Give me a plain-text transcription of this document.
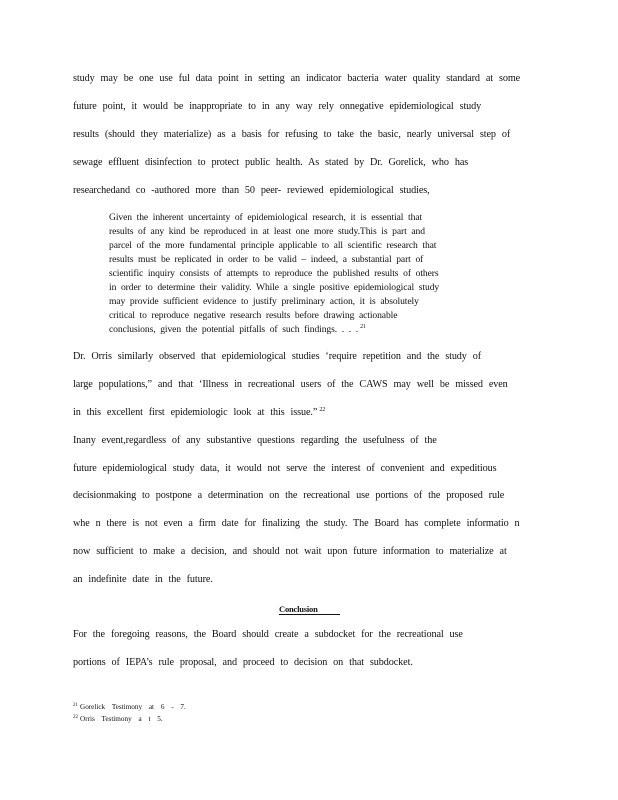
study may be one use ful data point in setting an indicator bacteria water quality standard at some
future point, it would be inappropriate to in any way rely onnegative epidemiological study
results (should they materialize) as a basis for refusing to take the basic, nearly universal step of
sewage effluent disinfection to protect public health. As stated by Dr. Gorelick, who has
researchedand co -authored more than 50 peer- reviewed epidemiological studies,
Given the inherent uncertainty of epidemiological research, it is essential that
results of any kind be reproduced in at least one more study.This is part and
parcel of the more fundamental principle applicable to all scientific research that
results must be replicated in order to be valid – indeed, a substantial part of
scientific inquiry consists of attempts to reproduce the published results of others
in order to determine their validity. While a single positive epidemiological study
may provide sufficient evidence to justify preliminary action, it is absolutely
critical to reproduce negative research results before drawing actionable
conclusions, given the potential pitfalls of such findings. . . . $^{21}$
Dr. Orris similarly observed that epidemiological studies ‘require repetition and the study of
large populations,” and that ‘Illness in recreational users of the CAWS may well be missed even
in this excellent first epidemiologic look at this issue.” $^{22}$
Inany event,regardless of any substantive questions regarding the usefulness of the
future epidemiological study data, it would not serve the interest of convenient and expeditious
decisionmaking to postpone a determination on the recreational use portions of the proposed rule
whe n there is not even a firm date for finalizing the study. The Board has complete informatio n
now sufficient to make a decision, and should not wait upon future information to materialize at
an indefinite date in the future.
Conclusion
For the foregoing reasons, the Board should create a subdocket for the recreational use
portions of IEPA’s rule proposal, and proceed to decision on that subdocket.
$^{21}$ Gorelick Testimony at 6 - 7.
$^{22}$ Orris Testimony a t 5.
